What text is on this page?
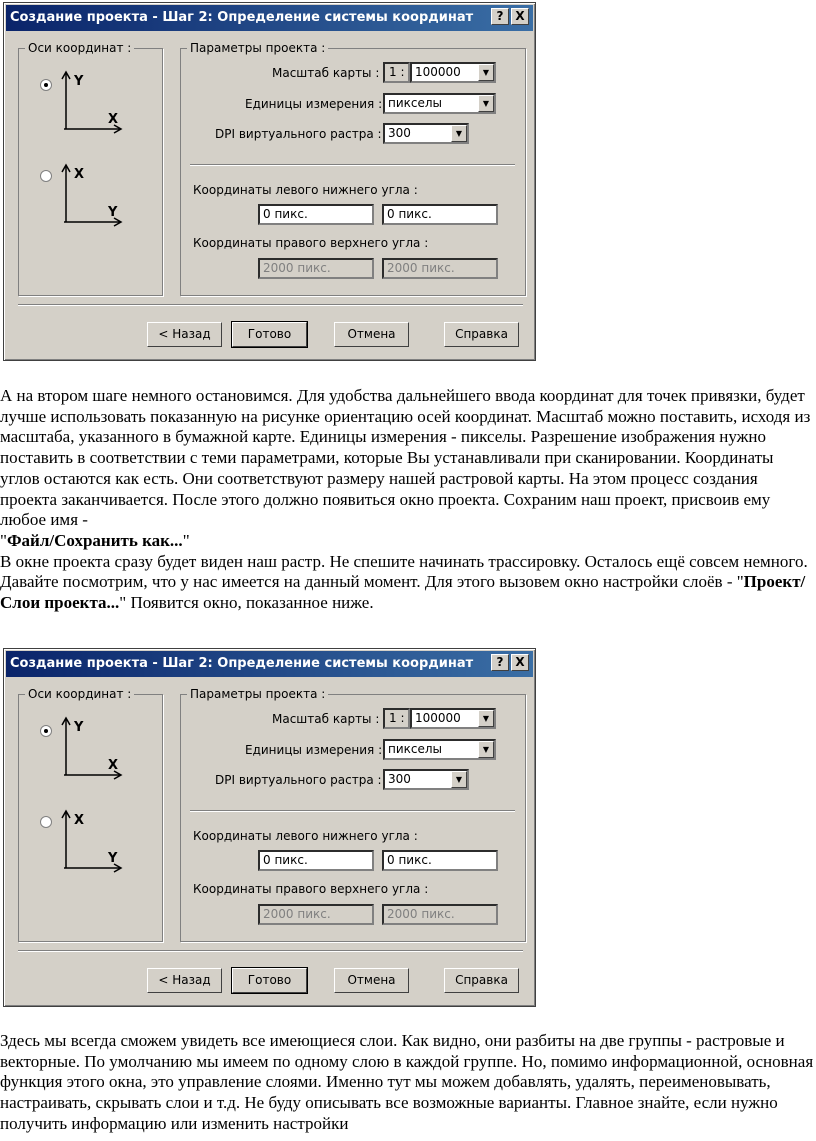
Создание проекта - Шаг 2: Определение системы координат	? X
Оси координат :
Y
X
X
Y
Параметры проекта :
Масштаб карты : 1 : 100000	▼
Единицы измерения : пикселы	▼
DPI виртуального растра : 300	▼
Координаты левого нижнего угла :
0 пикс.	0 пикс.
Координаты правого верхнего угла :
2000 пикс.	2000 пикс.
< Назад	Готово	Отмена	Справка

А на втором шаге немного остановимся. Для удобства дальнейшего ввода координат для точек привязки, будет лучше использовать показанную на рисунке ориентацию осей координат. Масштаб можно поставить, исходя из масштаба, указанного в бумажной карте. Единицы измерения - пикселы. Разрешение изображения нужно поставить в соответствии с теми параметрами, которые Вы устанавливали при сканировании. Координаты углов остаются как есть. Они соответствуют размеру нашей растровой карты. На этом процесс создания проекта заканчивается. После этого должно появиться окно проекта. Сохраним наш проект, присвоив ему любое имя -
"Файл/Сохранить как..."

В окне проекта сразу будет виден наш растр. Не спешите начинать трассировку. Осталось ещё совсем немного. Давайте посмотрим, что у нас имеется на данный момент. Для этого вызовем окно настройки слоёв - "Проект/Слои проекта..." Появится окно, показанное ниже.

Создание проекта - Шаг 2: Определение системы координат	? X
Оси координат :
Y
X
X
Y
Параметры проекта :
Масштаб карты : 1 : 100000	▼
Единицы измерения : пикселы	▼
DPI виртуального растра : 300	▼
Координаты левого нижнего угла :
0 пикс.	0 пикс.
Координаты правого верхнего угла :
2000 пикс.	2000 пикс.
< Назад	Готово	Отмена	Справка

Здесь мы всегда сможем увидеть все имеющиеся слои. Как видно, они разбиты на две группы - растровые и векторные. По умолчанию мы имеем по одному слою в каждой группе. Но, помимо информационной, основная функция этого окна, это управление слоями. Именно тут мы можем добавлять, удалять, переименовывать, настраивать, скрывать слои и т.д. Не буду описывать все возможные варианты. Главное знайте, если нужно получить информацию или изменить настройки
